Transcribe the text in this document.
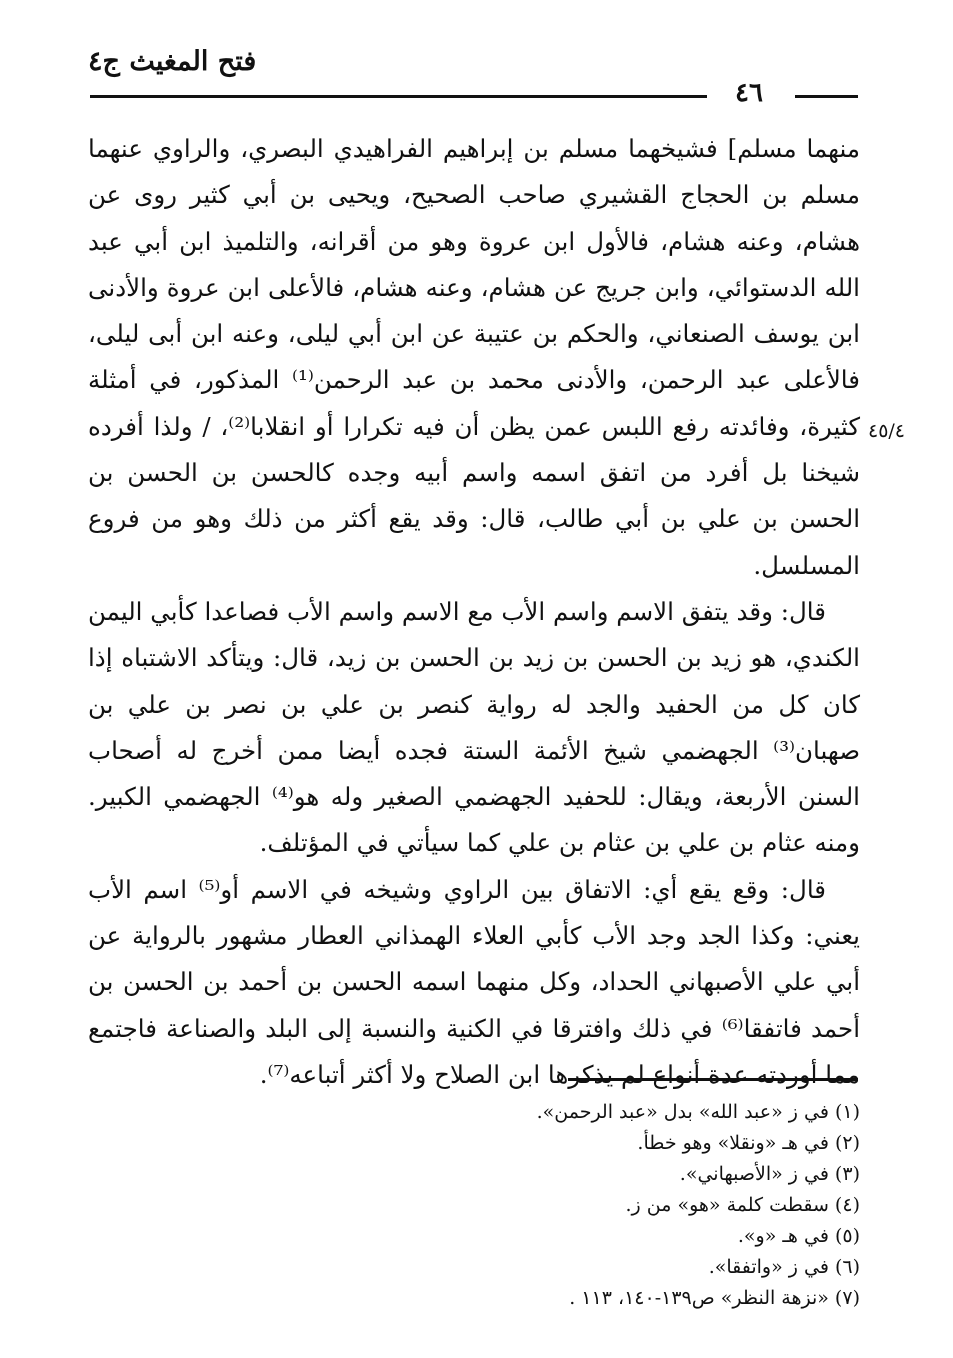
فتح المغيث ج٤
٤٦
٤٥/٤

منهما مسلم] فشيخهما مسلم بن إبراهيم الفراهيدي البصري، والراوي عنهما مسلم بن الحجاج القشيري صاحب الصحيح، ويحيى بن أبي كثير روى عن هشام، وعنه هشام، فالأول ابن عروة وهو من أقرانه، والتلميذ ابن أبي عبد الله الدستوائي، وابن جريج عن هشام، وعنه هشام، فالأعلى ابن عروة والأدنى ابن يوسف الصنعاني، والحكم بن عتيبة عن ابن أبي ليلى، وعنه ابن أبى ليلى، فالأعلى عبد الرحمن، والأدنى محمد بن عبد الرحمن⁽¹⁾ المذكور، في أمثلة كثيرة، وفائدته رفع اللبس عمن يظن أن فيه تكرارا أو انقلابا⁽²⁾، / ولذا أفرده شيخنا بل أفرد من اتفق اسمه واسم أبيه وجده كالحسن بن الحسن بن الحسن بن علي بن أبي طالب، قال: وقد يقع أكثر من ذلك وهو من فروع المسلسل.

قال: وقد يتفق الاسم واسم الأب مع الاسم واسم الأب فصاعدا كأبي اليمن الكندي، هو زيد بن الحسن بن زيد بن الحسن بن زيد، قال: ويتأكد الاشتباه إذا كان كل من الحفيد والجد له رواية كنصر بن علي بن نصر بن علي بن صهبان⁽³⁾ الجهضمي شيخ الأئمة الستة فجده أيضا ممن أخرج له أصحاب السنن الأربعة، ويقال: للحفيد الجهضمي الصغير وله هو⁽⁴⁾ الجهضمي الكبير. ومنه عثام بن علي بن عثام بن علي كما سيأتي في المؤتلف.

قال: وقع يقع أي: الاتفاق بين الراوي وشيخه في الاسم أو⁽⁵⁾ اسم الأب يعني: وكذا الجد وجد الأب كأبي العلاء الهمذاني العطار مشهور بالرواية عن أبي علي الأصبهاني الحداد، وكل منهما اسمه الحسن بن أحمد بن الحسن بن أحمد فاتفقا⁽⁶⁾ في ذلك وافترقا في الكنية والنسبة إلى البلد والصناعة فاجتمع مما أوردته عدة أنواع لم يذكرها ابن الصلاح ولا أكثر أتباعه⁽⁷⁾.

(١) في ز «عبد الله» بدل «عبد الرحمن».
(٢) في هـ «ونقلا» وهو خطأ.
(٣) في ز «الأصبهاني».
(٤) سقطت كلمة «هو» من ز.
(٥) في هـ «و».
(٦) في ز «واتفقا».
(٧) «نزهة النظر» ص١٣٩-١٤٠، ١١٣ .
